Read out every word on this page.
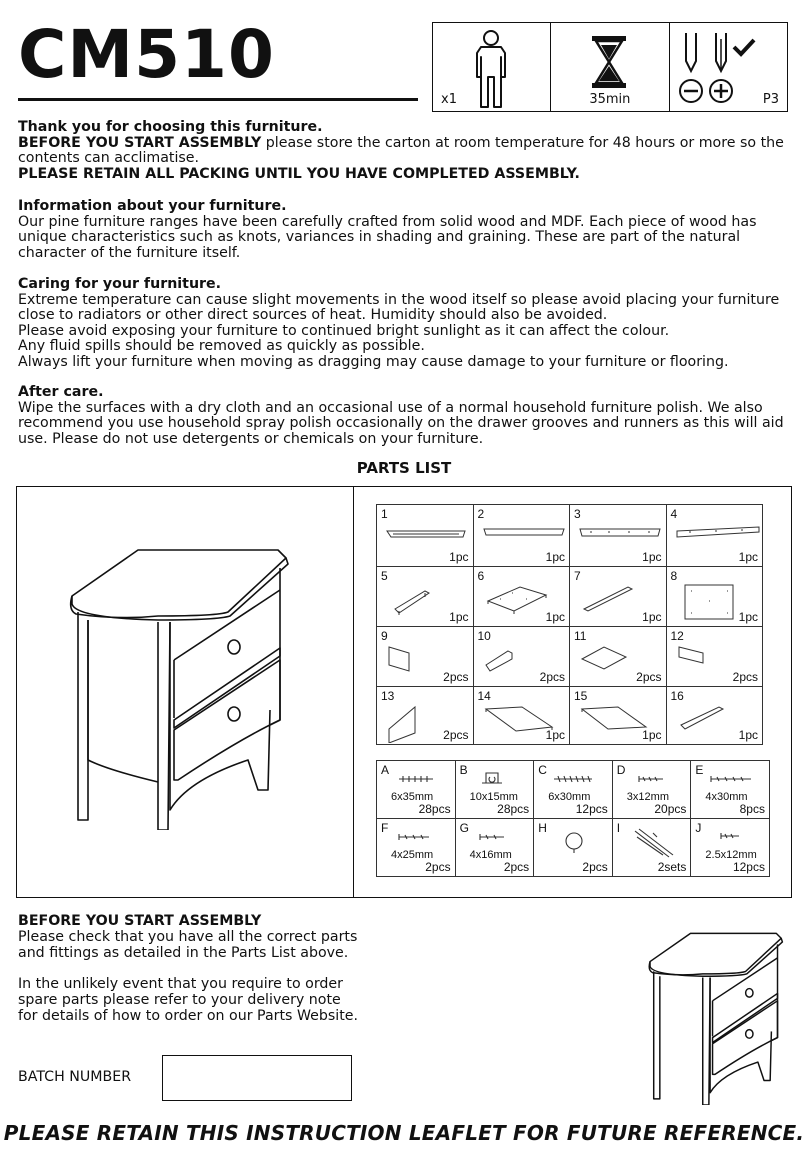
CM510
x1	35min	P3
Thank you for choosing this furniture.
BEFORE YOU START ASSEMBLY please store the carton at room temperature for 48 hours or more so the contents can acclimatise.
PLEASE RETAIN ALL PACKING UNTIL YOU HAVE COMPLETED ASSEMBLY.
Information about your furniture.
Our pine furniture ranges have been carefully crafted from solid wood and MDF. Each piece of wood has unique characteristics such as knots, variances in shading and graining. These are part of the natural character of the furniture itself.
Caring for your furniture.
Extreme temperature can cause slight movements in the wood itself so please avoid placing your furniture close to radiators or other direct sources of heat. Humidity should also be avoided.
Please avoid exposing your furniture to continued bright sunlight as it can affect the colour.
Any fluid spills should be removed as quickly as possible.
Always lift your furniture when moving as dragging may cause damage to your furniture or flooring.
After care.
Wipe the surfaces with a dry cloth and an occasional use of a normal household furniture polish. We also recommend you use household spray polish occasionally on the drawer grooves and runners as this will aid use. Please do not use detergents or chemicals on your furniture.
PARTS LIST
1
1pc
2
1pc
3
1pc
4
1pc
5
1pc
6
1pc
7
1pc
8
1pc
9
2pcs
10
2pcs
11
2pcs
12
2pcs
13
2pcs
14
1pc
15
1pc
16
1pc
A
6x35mm
28pcs
B
10x15mm
28pcs
C
6x30mm
12pcs
D
3x12mm
20pcs
E
4x30mm
8pcs
F
4x25mm
2pcs
G
4x16mm
2pcs
H
2pcs
I
2sets
J
2.5x12mm
12pcs
BEFORE YOU START ASSEMBLY
Please check that you have all the correct parts
and fittings as detailed in the Parts List above.
In the unlikely event that you require to order
spare parts please refer to your delivery note
for details of how to order on our Parts Website.
BATCH NUMBER
PLEASE RETAIN THIS INSTRUCTION LEAFLET FOR FUTURE REFERENCE.
